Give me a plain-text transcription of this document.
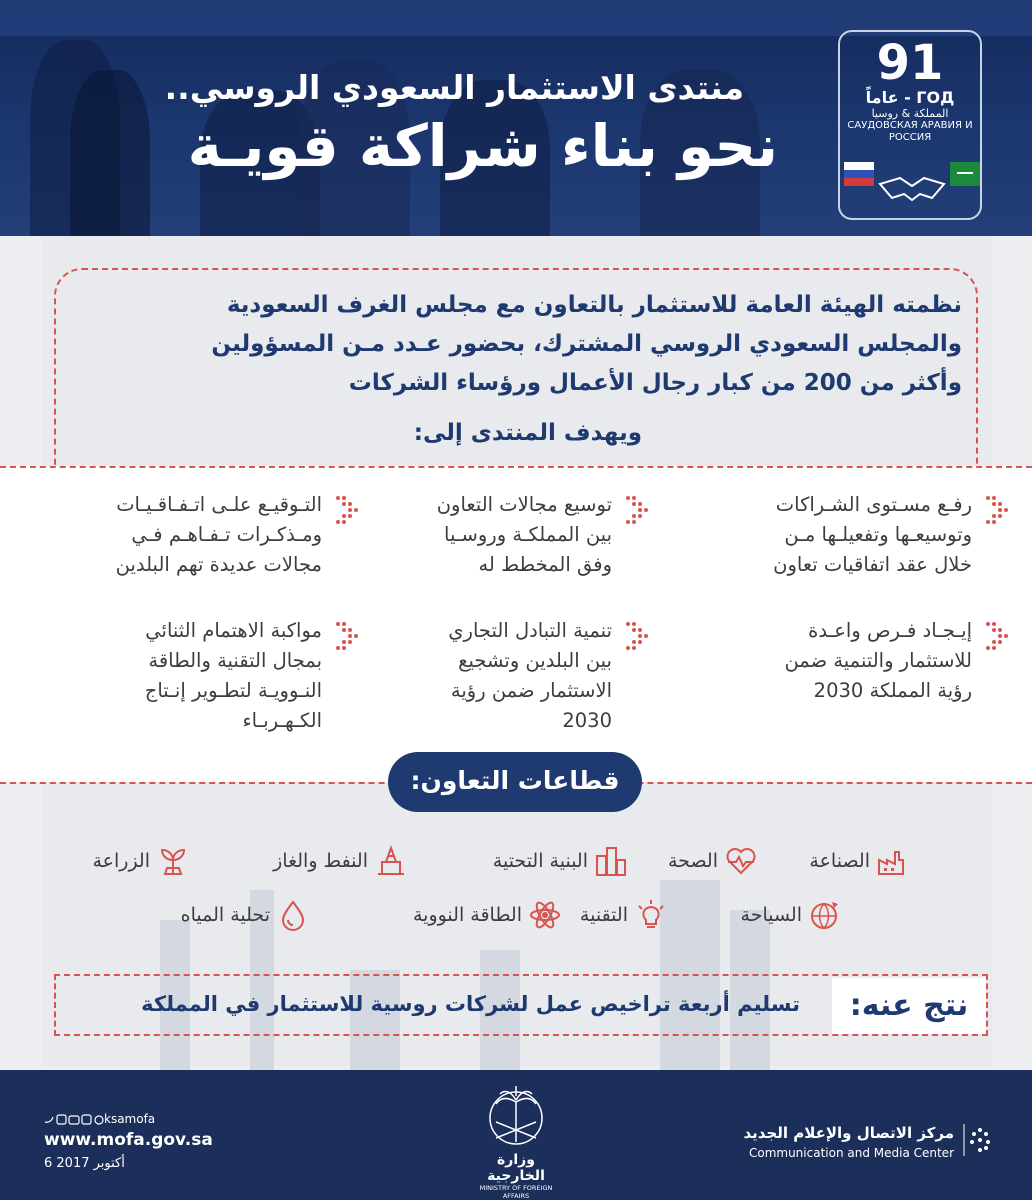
منتدى الاستثمار السعودي الروسي..
نحو بناء شراكة قويـة
91
ГОД - عاماً
المملكة & روسيا
САУДОВСКАЯ АРАВИЯ И РОССИЯ
نظمته الهيئة العامة للاستثمار بالتعاون مع مجلس الغرف السعودية
والمجلس السعودي الروسي المشترك، بحضور عـدد مـن المسؤولين
وأكثر من 200 من كبار رجال الأعمال ورؤساء الشركات
ويهدف المنتدى إلى:
رفـع مسـتوى الشـراكات
وتوسيعـها وتفعيلـها مـن
خلال عقد اتفاقيات تعاون
إيـجـاد فـرص واعـدة
للاستثمار والتنمية ضمن
رؤية المملكة 2030
توسيع مجالات التعاون
بين المملكـة وروسـيا
وفق المخطط له
تنمية التبادل التجاري
بين البلدين وتشجيع
الاستثمار ضمن رؤية
2030
التـوقيـع علـى اتـفـاقـيـات
ومـذكـرات تـفـاهـم فـي
مجالات عديدة تهم البلدين
مواكبة الاهتمام الثنائي
بمجال التقنية والطاقة
النـوويـة لتطـوير إنـتاج
الكـهـربـاء
قطاعات التعاون:
الصناعة
الصحة
البنية التحتية
النفط والغاز
الزراعة
السياحة
التقنية
الطاقة النووية
تحلية المياه
نتج عنه:
تسليم أربعة تراخيص عمل لشركات روسية للاستثمار في المملكة
ksamofa
www.mofa.gov.sa
6 أكتوبر 2017	وزارة الخارجية
MINISTRY OF FOREIGN AFFAIRS
مركز الاتصال والإعلام الجديد
Communication and Media Center
